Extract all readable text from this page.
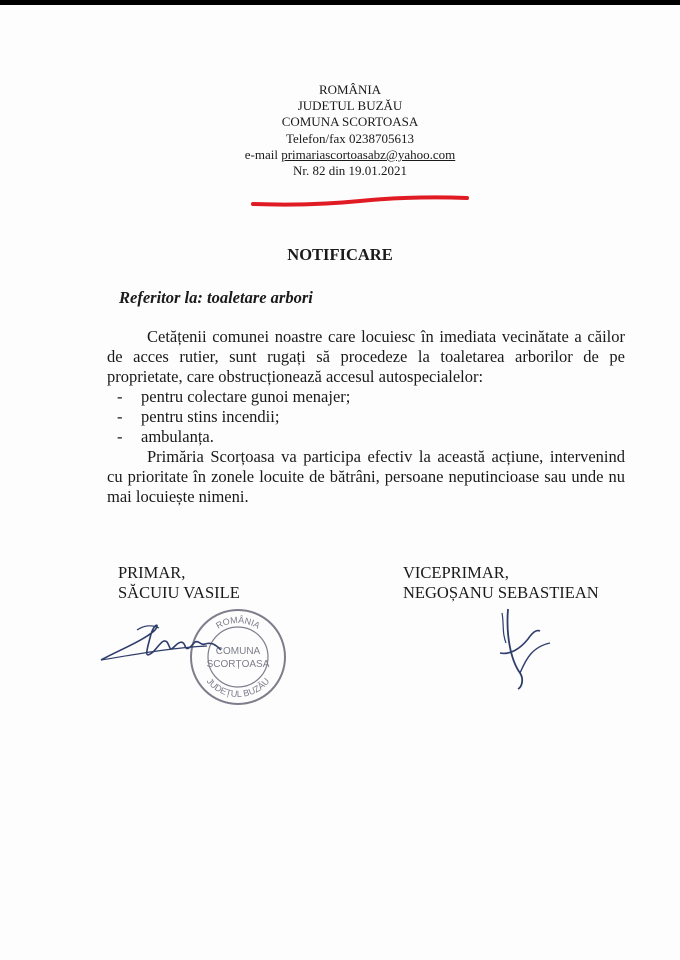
ROMÂNIA
JUDETUL BUZĂU
COMUNA SCORTOASA
Telefon/fax 0238705613
e-mail primariascortoasabz@yahoo.com
Nr. 82 din 19.01.2021
NOTIFICARE
Referitor la: toaletare arbori

Cetățenii comunei noastre care locuiesc în imediata vecinătate a căilor de acces rutier, sunt rugați să procedeze la toaletarea arborilor de pe proprietate, care obstrucționează accesul autospecialelor:

- pentru colectare gunoi menajer;
- pentru stins incendii;
- ambulanța.

Primăria Scorțoasa va participa efectiv la această acțiune, intervenind cu prioritate în zonele locuite de bătrâni, persoane neputincioase sau unde nu mai locuiește nimeni.

PRIMAR,
SĂCUIU VASILE
VICEPRIMAR,
NEGOȘANU SEBASTIEAN
ROMÂNIA
JUDEȚUL BUZĂU
COMUNA
SCORȚOASA
